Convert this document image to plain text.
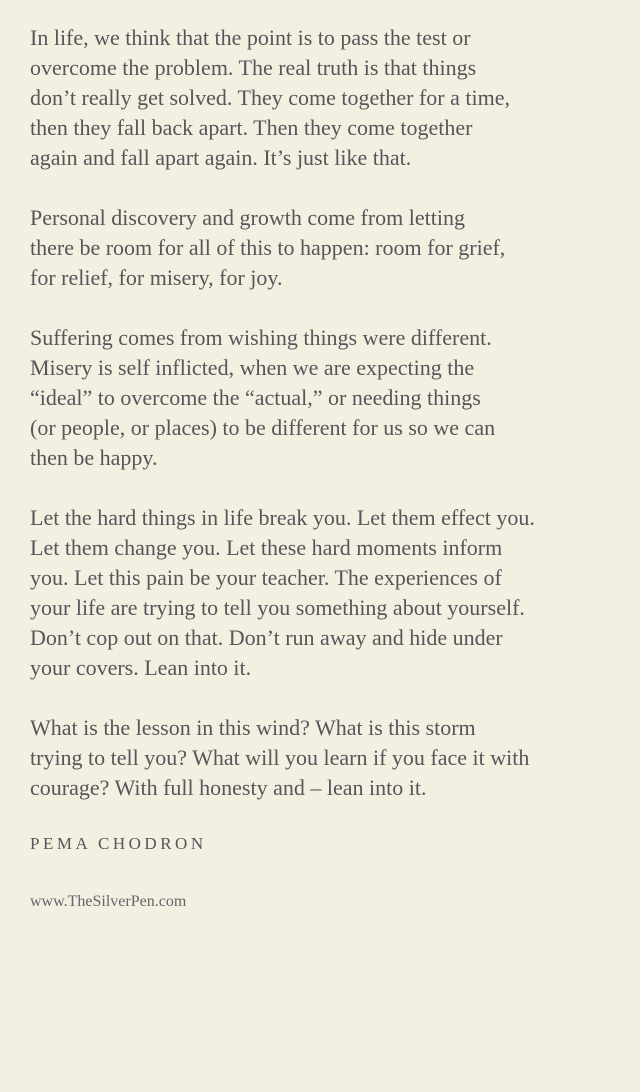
In life, we think that the point is to pass the test or
overcome the problem. The real truth is that things
don’t really get solved. They come together for a time,
then they fall back apart. Then they come together
again and fall apart again. It’s just like that.
Personal discovery and growth come from letting
there be room for all of this to happen: room for grief,
for relief, for misery, for joy.
Suffering comes from wishing things were different.
Misery is self inflicted, when we are expecting the
“ideal” to overcome the “actual,” or needing things
(or people, or places) to be different for us so we can
then be happy.
Let the hard things in life break you. Let them effect you.
Let them change you. Let these hard moments inform
you. Let this pain be your teacher. The experiences of
your life are trying to tell you something about yourself.
Don’t cop out on that. Don’t run away and hide under
your covers. Lean into it.
What is the lesson in this wind? What is this storm
trying to tell you? What will you learn if you face it with
courage? With full honesty and – lean into it.
PEMA CHODRON
www.TheSilverPen.com
